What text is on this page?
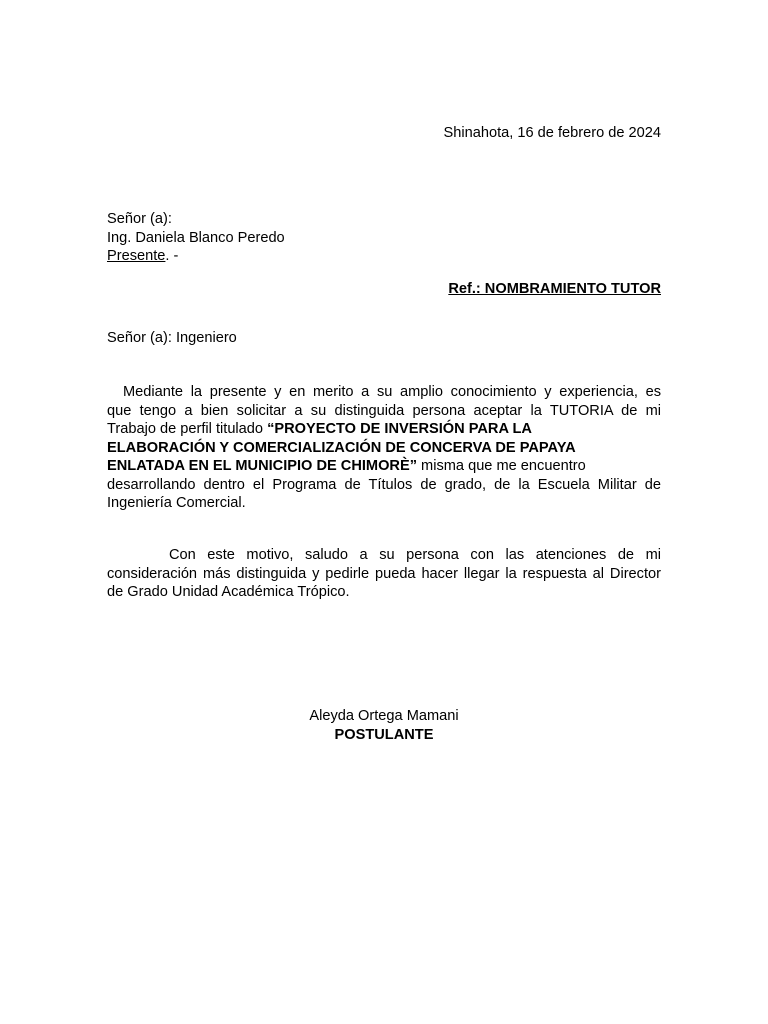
Shinahota, 16 de febrero de 2024
Señor (a):
Ing. Daniela Blanco Peredo
Presente. -
Ref.: NOMBRAMIENTO TUTOR
Señor (a): Ingeniero
Mediante la presente y en merito a su amplio conocimiento y experiencia, es
que tengo a bien solicitar a su distinguida persona aceptar la TUTORIA de mi
Trabajo de perfil titulado “PROYECTO DE INVERSIÓN PARA LA
ELABORACIÓN Y COMERCIALIZACIÓN DE CONCERVA DE PAPAYA
ENLATADA EN EL MUNICIPIO DE CHIMORÈ” misma que me encuentro
desarrollando dentro el Programa de Títulos de grado, de la Escuela Militar de
Ingeniería Comercial.
Con este motivo, saludo a su persona con las atenciones de mi
consideración más distinguida y pedirle pueda hacer llegar la respuesta al Director
de Grado Unidad Académica Trópico.
Aleyda Ortega Mamani
POSTULANTE
